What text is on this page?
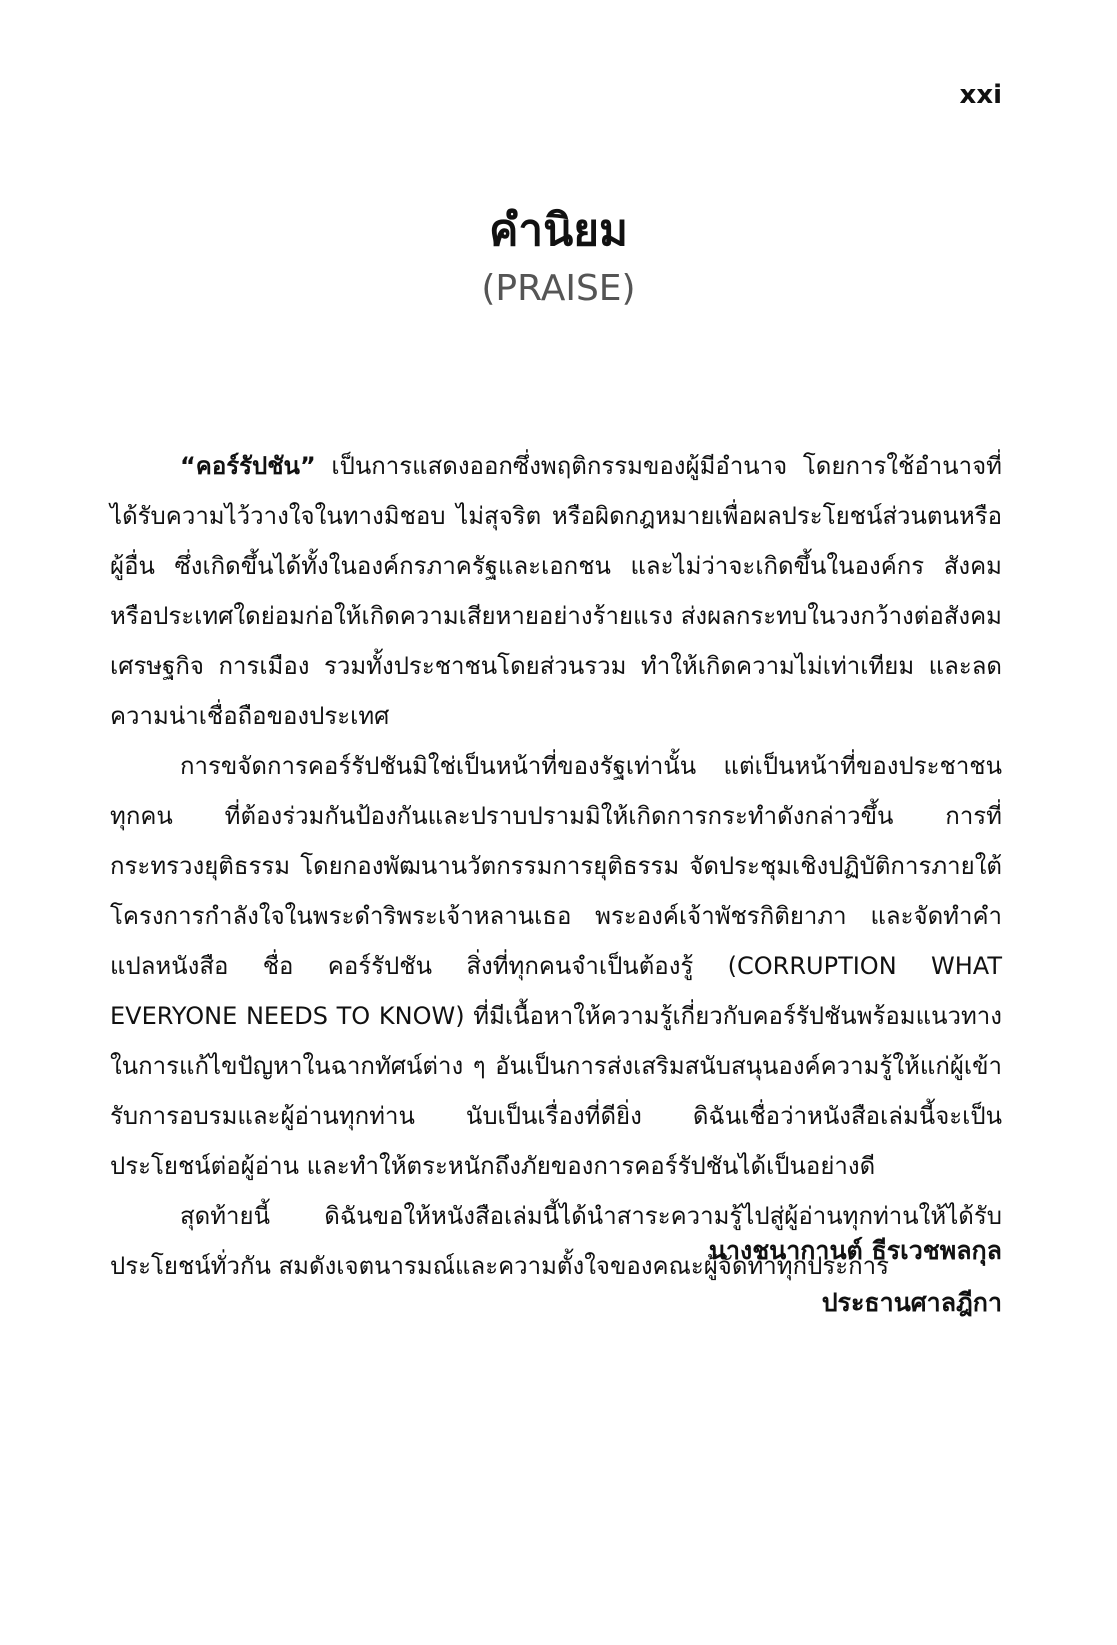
xxi
คำนิยม
(PRAISE)

“คอร์รัปชัน” เป็นการแสดงออกซึ่งพฤติกรรมของผู้มีอำนาจ โดยการใช้อำนาจที่ได้รับความไว้วางใจในทางมิชอบ ไม่สุจริต หรือผิดกฎหมายเพื่อผลประโยชน์ส่วนตนหรือผู้อื่น ซึ่งเกิดขึ้นได้ทั้งในองค์กรภาครัฐและเอกชน และไม่ว่าจะเกิดขึ้นในองค์กร สังคม หรือประเทศใดย่อมก่อให้เกิดความเสียหายอย่างร้ายแรง ส่งผลกระทบในวงกว้างต่อสังคม เศรษฐกิจ การเมือง รวมทั้งประชาชนโดยส่วนรวม ทำให้เกิดความไม่เท่าเทียม และลดความน่าเชื่อถือของประเทศ

การขจัดการคอร์รัปชันมิใช่เป็นหน้าที่ของรัฐเท่านั้น แต่เป็นหน้าที่ของประชาชนทุกคน ที่ต้องร่วมกันป้องกันและปราบปรามมิให้เกิดการกระทำดังกล่าวขึ้น การที่กระทรวงยุติธรรม โดยกองพัฒนานวัตกรรมการยุติธรรม จัดประชุมเชิงปฏิบัติการภายใต้โครงการกำลังใจในพระดำริพระเจ้าหลานเธอ พระองค์เจ้าพัชรกิติยาภา และจัดทำคำแปลหนังสือ ชื่อ คอร์รัปชัน สิ่งที่ทุกคนจำเป็นต้องรู้ (CORRUPTION WHAT EVERYONE NEEDS TO KNOW) ที่มีเนื้อหาให้ความรู้เกี่ยวกับคอร์รัปชันพร้อมแนวทางในการแก้ไขปัญหาในฉากทัศน์ต่าง ๆ อันเป็นการส่งเสริมสนับสนุนองค์ความรู้ให้แก่ผู้เข้ารับการอบรมและผู้อ่านทุกท่าน นับเป็นเรื่องที่ดียิ่ง ดิฉันเชื่อว่าหนังสือเล่มนี้จะเป็นประโยชน์ต่อผู้อ่าน และทำให้ตระหนักถึงภัยของการคอร์รัปชันได้เป็นอย่างดี

สุดท้ายนี้ ดิฉันขอให้หนังสือเล่มนี้ได้นำสาระความรู้ไปสู่ผู้อ่านทุกท่านให้ได้รับประโยชน์ทั่วกัน สมดังเจตนารมณ์และความตั้งใจของคณะผู้จัดทำทุกประการ

นางชนากานต์ ธีรเวชพลกุล
ประธานศาลฎีกา
